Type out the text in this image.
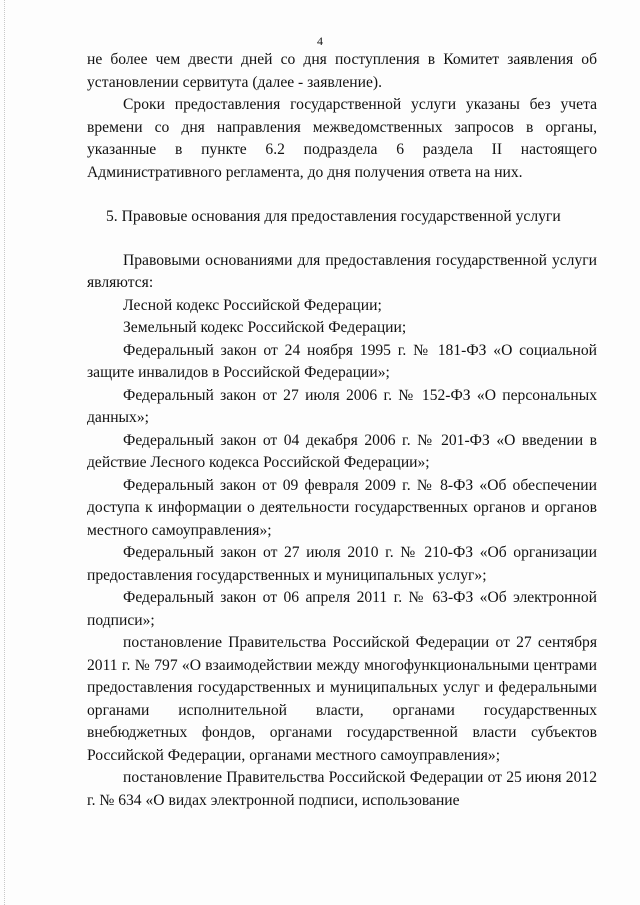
4

не более чем двести дней со дня поступления в Комитет заявления об установлении сервитута (далее - заявление).

Сроки предоставления государственной услуги указаны без учета времени со дня направления межведомственных запросов в органы, указанные в пункте 6.2 подраздела 6 раздела II настоящего Административного регламента, до дня получения ответа на них.

5. Правовые основания для предоставления государственной услуги

Правовыми основаниями для предоставления государственной услуги являются:

Лесной кодекс Российской Федерации;

Земельный кодекс Российской Федерации;

Федеральный закон от 24 ноября 1995 г. № 181-ФЗ «О социальной защите инвалидов в Российской Федерации»;

Федеральный закон от 27 июля 2006 г. № 152-ФЗ «О персональных данных»;

Федеральный закон от 04 декабря 2006 г. № 201-ФЗ «О введении в действие Лесного кодекса Российской Федерации»;

Федеральный закон от 09 февраля 2009 г. № 8-ФЗ «Об обеспечении доступа к информации о деятельности государственных органов и органов местного самоуправления»;

Федеральный закон от 27 июля 2010 г. № 210-ФЗ «Об организации предоставления государственных и муниципальных услуг»;

Федеральный закон от 06 апреля 2011 г. № 63-ФЗ «Об электронной подписи»;

постановление Правительства Российской Федерации от 27 сентября 2011 г. № 797 «О взаимодействии между многофункциональными центрами предоставления государственных и муниципальных услуг и федеральными органами исполнительной власти, органами государственных внебюджетных фондов, органами государственной власти субъектов Российской Федерации, органами местного самоуправления»;

постановление Правительства Российской Федерации от 25 июня 2012 г. № 634 «О видах электронной подписи, использование
